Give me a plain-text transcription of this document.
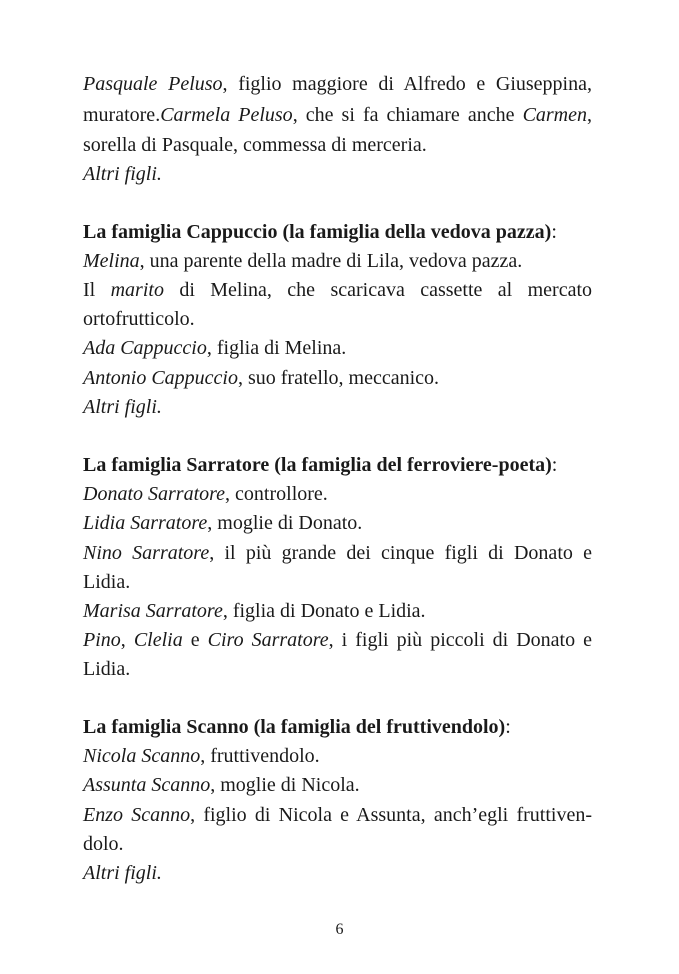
Pasquale Peluso, figlio maggiore di Alfredo e Giuseppina,
muratore.Carmela Peluso, che si fa chiamare anche Carmen,
sorella di Pasquale, commessa di merceria.
Altri figli.
La famiglia Cappuccio (la famiglia della vedova pazza):
Melina, una parente della madre di Lila, vedova pazza.
Il marito di Melina, che scaricava cassette al mercato
ortofrutticolo.
Ada Cappuccio, figlia di Melina.
Antonio Cappuccio, suo fratello, meccanico.
Altri figli.
La famiglia Sarratore (la famiglia del ferroviere-poeta):
Donato Sarratore, controllore.
Lidia Sarratore, moglie di Donato.
Nino Sarratore, il più grande dei cinque figli di Donato e
Lidia.
Marisa Sarratore, figlia di Donato e Lidia.
Pino, Clelia e Ciro Sarratore, i figli più piccoli di Donato e
Lidia.
La famiglia Scanno (la famiglia del fruttivendolo):
Nicola Scanno, fruttivendolo.
Assunta Scanno, moglie di Nicola.
Enzo Scanno, figlio di Nicola e Assunta, anch’egli fruttiven-
dolo.
Altri figli.
6
